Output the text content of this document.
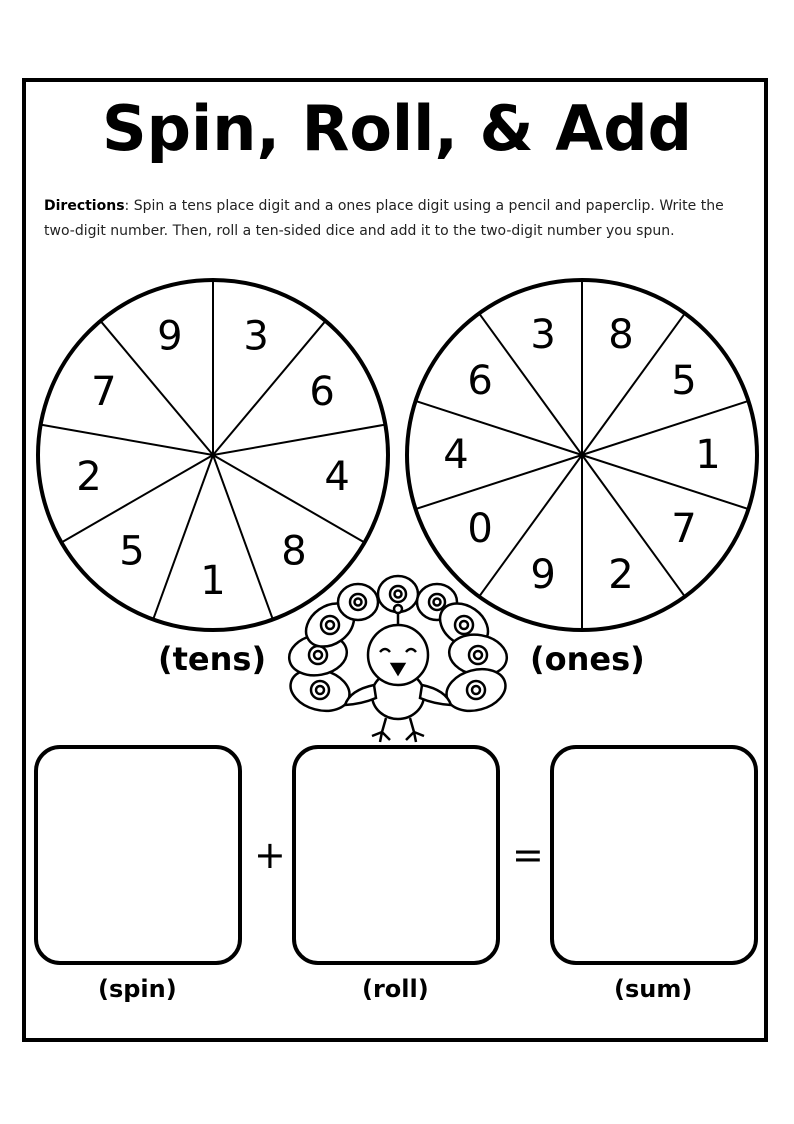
Spin, Roll, & Add
Directions: Spin a tens place digit and a ones place digit using a pencil and paperclip. Write the two-digit number. Then, roll a ten-sided dice and add it to the two-digit number you spun.
3
6
4
8
1
5
2
7
9	8
5
1
7
2
9
0
4
6
3
(tens)	(ones)
+	=
(spin)	(roll)	(sum)
